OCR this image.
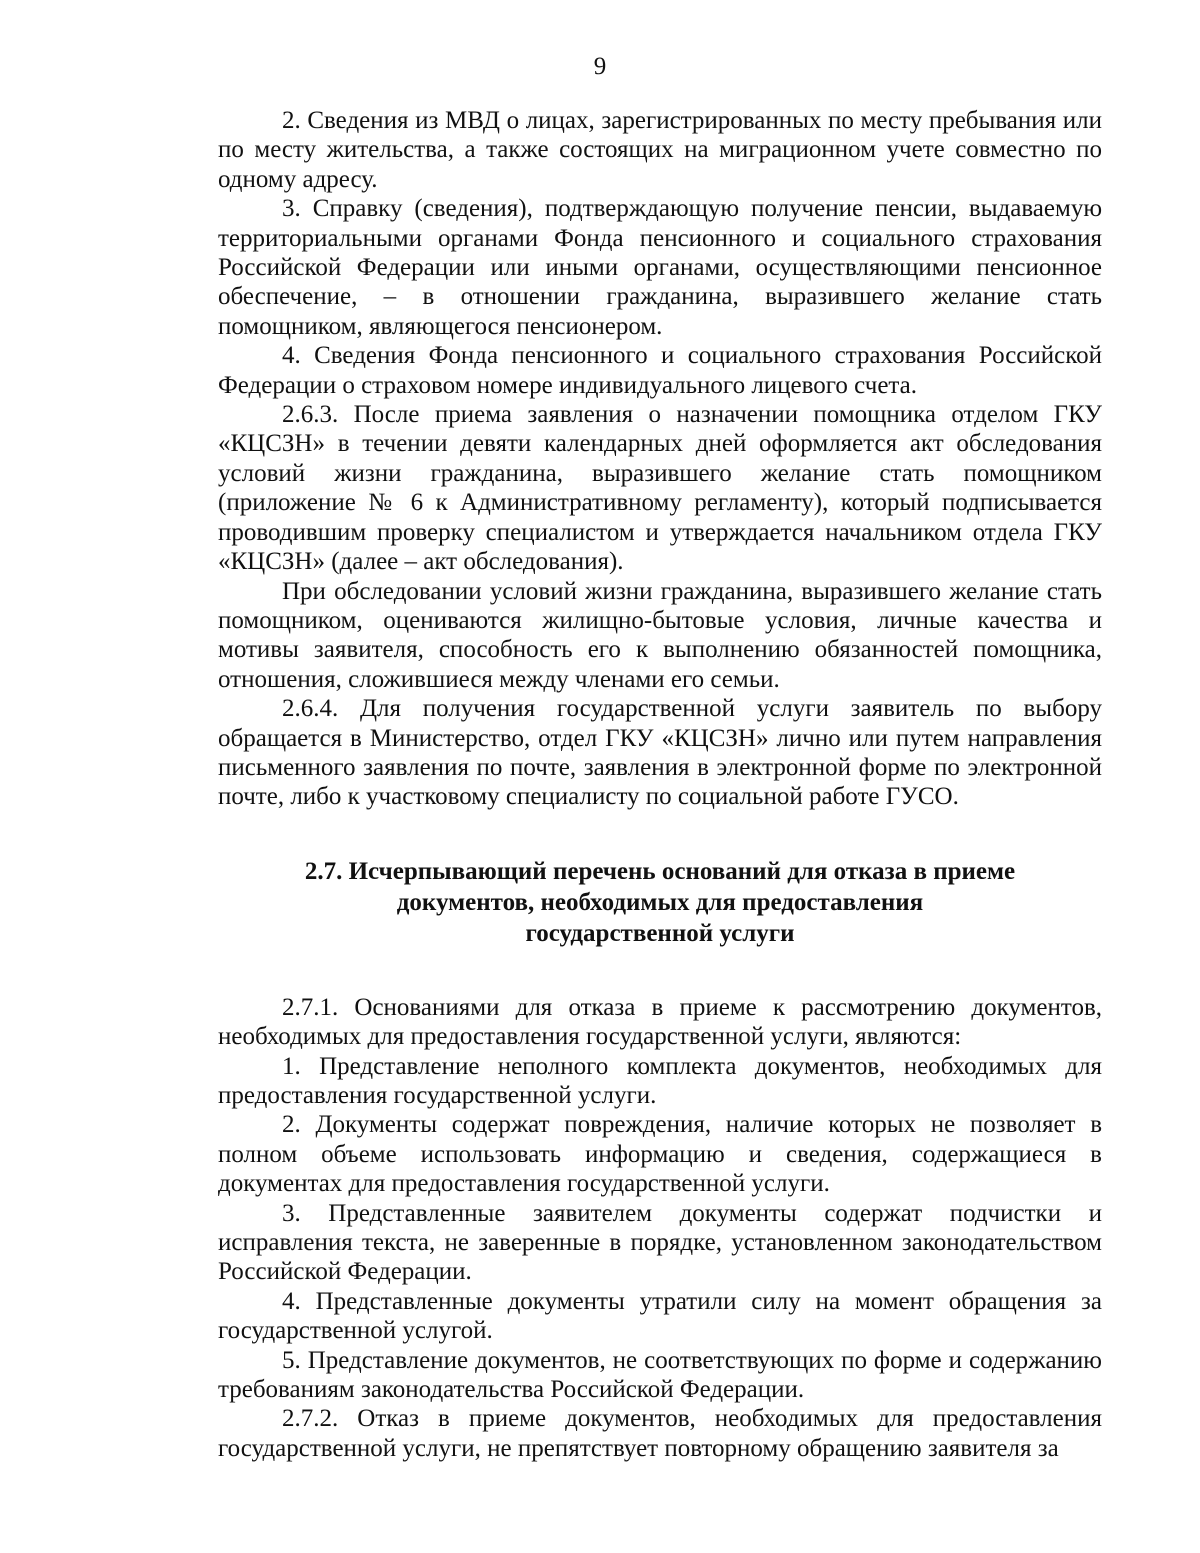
9

2. Сведения из МВД о лицах, зарегистрированных по месту пребывания или по месту жительства, а также состоящих на миграционном учете совместно по одному адресу.

3. Справку (сведения), подтверждающую получение пенсии, выдаваемую территориальными органами Фонда пенсионного и социального страхования Российской Федерации или иными органами, осуществляющими пенсионное обеспечение, – в отношении гражданина, выразившего желание стать помощником, являющегося пенсионером.

4. Сведения Фонда пенсионного и социального страхования Российской Федерации о страховом номере индивидуального лицевого счета.

2.6.3. После приема заявления о назначении помощника отделом ГКУ «КЦСЗН» в течении девяти календарных дней оформляется акт обследования условий жизни гражданина, выразившего желание стать помощником (приложение № 6 к Административному регламенту), который подписывается проводившим проверку специалистом и утверждается начальником отдела ГКУ «КЦСЗН» (далее – акт обследования).

При обследовании условий жизни гражданина, выразившего желание стать помощником, оцениваются жилищно-бытовые условия, личные качества и мотивы заявителя, способность его к выполнению обязанностей помощника, отношения, сложившиеся между членами его семьи.

2.6.4. Для получения государственной услуги заявитель по выбору обращается в Министерство, отдел ГКУ «КЦСЗН» лично или путем направления письменного заявления по почте, заявления в электронной форме по электронной почте, либо к участковому специалисту по социальной работе ГУСО.

2.7. Исчерпывающий перечень оснований для отказа в приеме
документов, необходимых для предоставления
государственной услуги

2.7.1. Основаниями для отказа в приеме к рассмотрению документов, необходимых для предоставления государственной услуги, являются:

1. Представление неполного комплекта документов, необходимых для предоставления государственной услуги.

2. Документы содержат повреждения, наличие которых не позволяет в полном объеме использовать информацию и сведения, содержащиеся в документах для предоставления государственной услуги.

3. Представленные заявителем документы содержат подчистки и исправления текста, не заверенные в порядке, установленном законодательством Российской Федерации.

4. Представленные документы утратили силу на момент обращения за государственной услугой.

5. Представление документов, не соответствующих по форме и содержанию требованиям законодательства Российской Федерации.

2.7.2. Отказ в приеме документов, необходимых для предоставления государственной услуги, не препятствует повторному обращению заявителя за
